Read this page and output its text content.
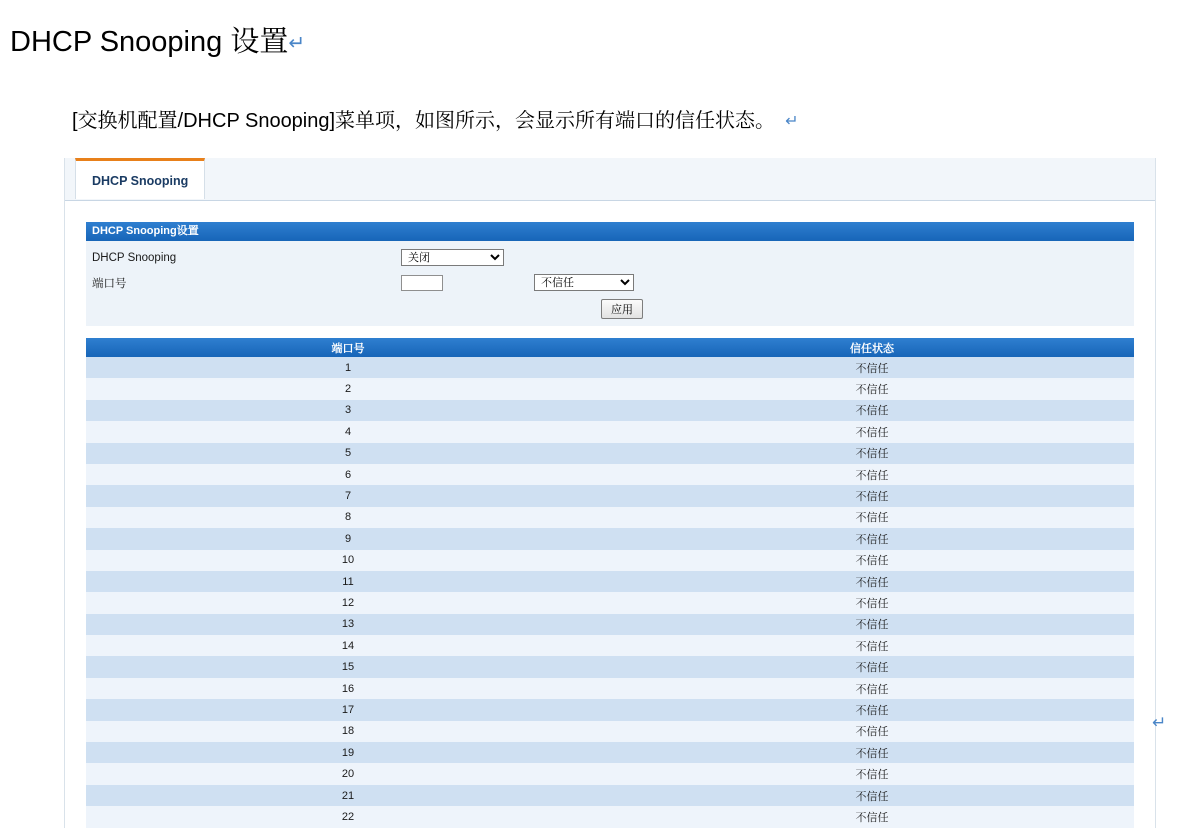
DHCP Snooping 设置↵
[交换机配置/DHCP Snooping]菜单项，如图所示，会显示所有端口的信任状态。 ↵
DHCP Snooping
DHCP Snooping设置
DHCP Snooping
关闭
端口号
不信任
应用
端口号	信任状态
1	不信任
2	不信任
3	不信任
4	不信任
5	不信任
6	不信任
7	不信任
8	不信任
9	不信任
10	不信任
11	不信任
12	不信任
13	不信任
14	不信任
15	不信任
16	不信任
17	不信任
18	不信任
19	不信任
20	不信任
21	不信任
22	不信任
↵
